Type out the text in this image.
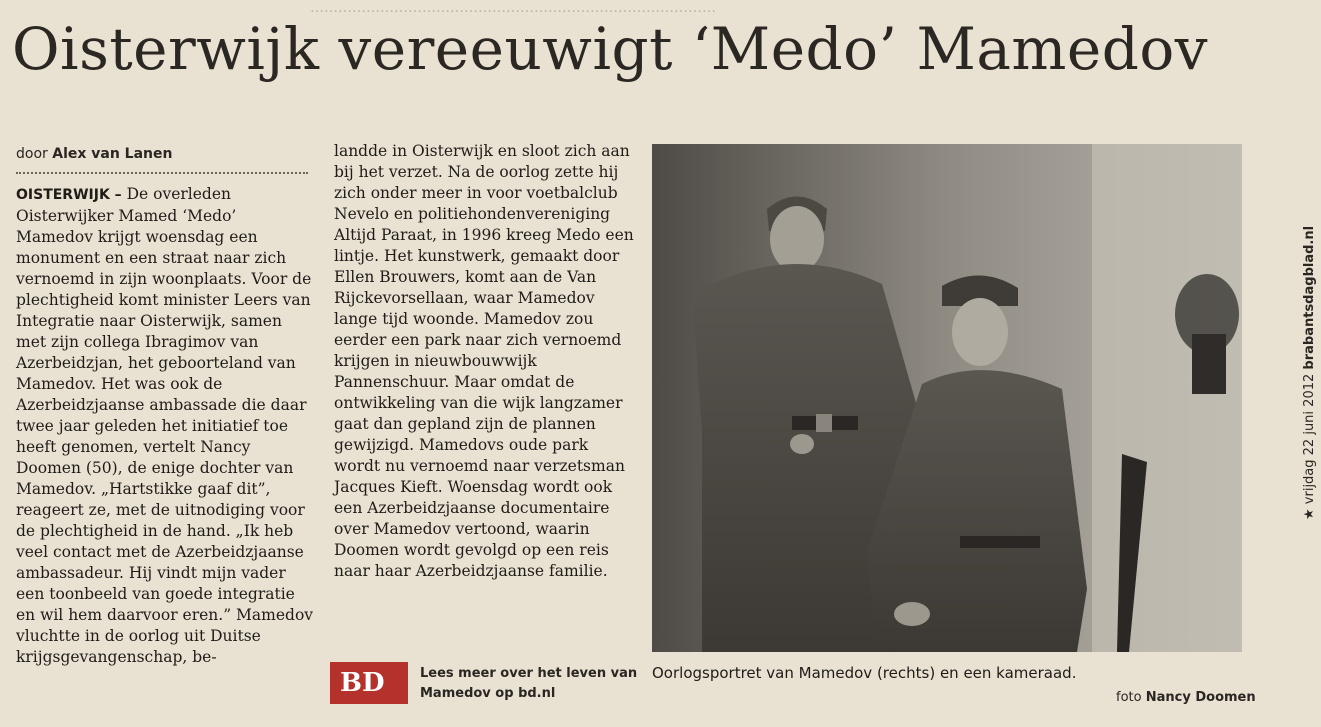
……………………………………………………………………………
Oisterwijk vereeuwigt ‘Medo’ Mamedov
door Alex van Lanen
OISTERWIJK – De overleden Oisterwijker Mamed ‘Medo’ Mamedov krijgt woensdag een monument en een straat naar zich vernoemd in zijn woonplaats. Voor de plechtigheid komt minister Leers van Integratie naar Oisterwijk, samen met zijn collega Ibragimov van Azerbeidzjan, het geboorteland van Mamedov. Het was ook de Azerbeidzjaanse ambassade die daar twee jaar geleden het initiatief toe heeft genomen, vertelt Nancy Doomen (50), de enige dochter van Mamedov. „Hartstikke gaaf dit”, reageert ze, met de uitnodiging voor de plechtigheid in de hand. „Ik heb veel contact met de Azerbeidzjaanse ambassadeur. Hij vindt mijn vader een toonbeeld van goede integratie en wil hem daarvoor eren.” Mamedov vluchtte in de oorlog uit Duitse krijgsgevangenschap, be-
landde in Oisterwijk en sloot zich aan bij het verzet. Na de oorlog zette hij zich onder meer in voor voetbalclub Nevelo en politiehondenvereniging Altijd Paraat, in 1996 kreeg Medo een lintje. Het kunstwerk, gemaakt door Ellen Brouwers, komt aan de Van Rijckevorsellaan, waar Mamedov lange tijd woonde. Mamedov zou eerder een park naar zich vernoemd krijgen in nieuwbouwwijk Pannenschuur. Maar omdat de ontwikkeling van die wijk langzamer gaat dan gepland zijn de plannen gewijzigd. Mamedovs oude park wordt nu vernoemd naar verzetsman Jacques Kieft. Woensdag wordt ook een Azerbeidzjaanse documentaire over Mamedov vertoond, waarin Doomen wordt gevolgd op een reis naar haar Azerbeidzjaanse familie.
Oorlogsportret van Mamedov (rechts) en een kameraad.
foto Nancy Doomen
BD	Lees meer over het leven van
Mamedov op bd.nl
★ vrijdag 22 juni 2012 brabantsdagblad.nl
